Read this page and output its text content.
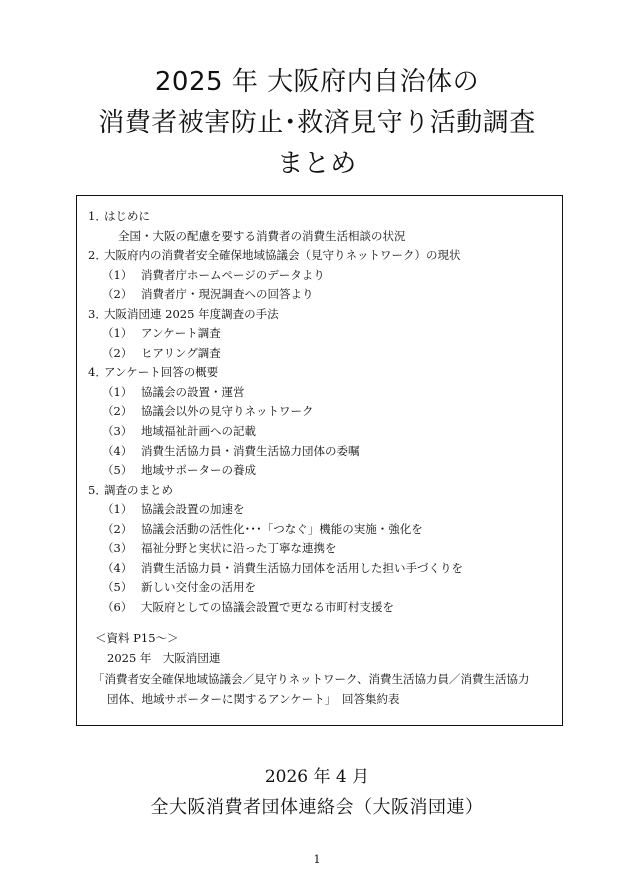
2025 年 大阪府内自治体の
消費者被害防止･救済見守り活動調査
まとめ
1．はじめに
全国・大阪の配慮を要する消費者の消費生活相談の状況
2．大阪府内の消費者安全確保地域協議会（見守りネットワーク）の現状
（1） 消費者庁ホームページのデータより
（2） 消費者庁・現況調査への回答より
3．大阪消団連 2025 年度調査の手法
（1） アンケート調査
（2） ヒアリング調査
4．アンケート回答の概要
（1） 協議会の設置・運営
（2） 協議会以外の見守りネットワーク
（3） 地域福祉計画への記載
（4） 消費生活協力員・消費生活協力団体の委嘱
（5） 地域サポーターの養成
5．調査のまとめ
（1） 協議会設置の加速を
（2） 協議会活動の活性化･･･「つなぐ」機能の実施・強化を
（3） 福祉分野と実状に沿った丁寧な連携を
（4） 消費生活協力員・消費生活協力団体を活用した担い手づくりを
（5） 新しい交付金の活用を
（6） 大阪府としての協議会設置で更なる市町村支援を
＜資料 P15～＞
2025 年　大阪消団連
「消費者安全確保地域協議会／見守りネットワーク、消費生活協力員／消費生活協力
団体、地域サポーターに関するアンケート」　回答集約表
2026 年 4 月
全大阪消費者団体連絡会（大阪消団連）
1
